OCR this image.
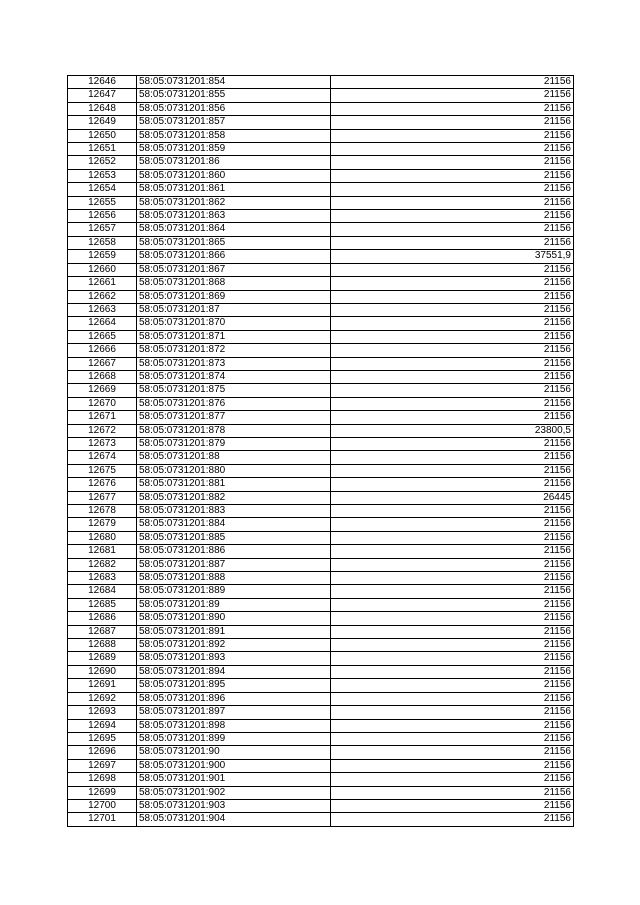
12646	58:05:0731201:854	21156
12647	58:05:0731201:855	21156
12648	58:05:0731201:856	21156
12649	58:05:0731201:857	21156
12650	58:05:0731201:858	21156
12651	58:05:0731201:859	21156
12652	58:05:0731201:86	21156
12653	58:05:0731201:860	21156
12654	58:05:0731201:861	21156
12655	58:05:0731201:862	21156
12656	58:05:0731201:863	21156
12657	58:05:0731201:864	21156
12658	58:05:0731201:865	21156
12659	58:05:0731201:866	37551,9
12660	58:05:0731201:867	21156
12661	58:05:0731201:868	21156
12662	58:05:0731201:869	21156
12663	58:05:0731201:87	21156
12664	58:05:0731201:870	21156
12665	58:05:0731201:871	21156
12666	58:05:0731201:872	21156
12667	58:05:0731201:873	21156
12668	58:05:0731201:874	21156
12669	58:05:0731201:875	21156
12670	58:05:0731201:876	21156
12671	58:05:0731201:877	21156
12672	58:05:0731201:878	23800,5
12673	58:05:0731201:879	21156
12674	58:05:0731201:88	21156
12675	58:05:0731201:880	21156
12676	58:05:0731201:881	21156
12677	58:05:0731201:882	26445
12678	58:05:0731201:883	21156
12679	58:05:0731201:884	21156
12680	58:05:0731201:885	21156
12681	58:05:0731201:886	21156
12682	58:05:0731201:887	21156
12683	58:05:0731201:888	21156
12684	58:05:0731201:889	21156
12685	58:05:0731201:89	21156
12686	58:05:0731201:890	21156
12687	58:05:0731201:891	21156
12688	58:05:0731201:892	21156
12689	58:05:0731201:893	21156
12690	58:05:0731201:894	21156
12691	58:05:0731201:895	21156
12692	58:05:0731201:896	21156
12693	58:05:0731201:897	21156
12694	58:05:0731201:898	21156
12695	58:05:0731201:899	21156
12696	58:05:0731201:90	21156
12697	58:05:0731201:900	21156
12698	58:05:0731201:901	21156
12699	58:05:0731201:902	21156
12700	58:05:0731201:903	21156
12701	58:05:0731201:904	21156
